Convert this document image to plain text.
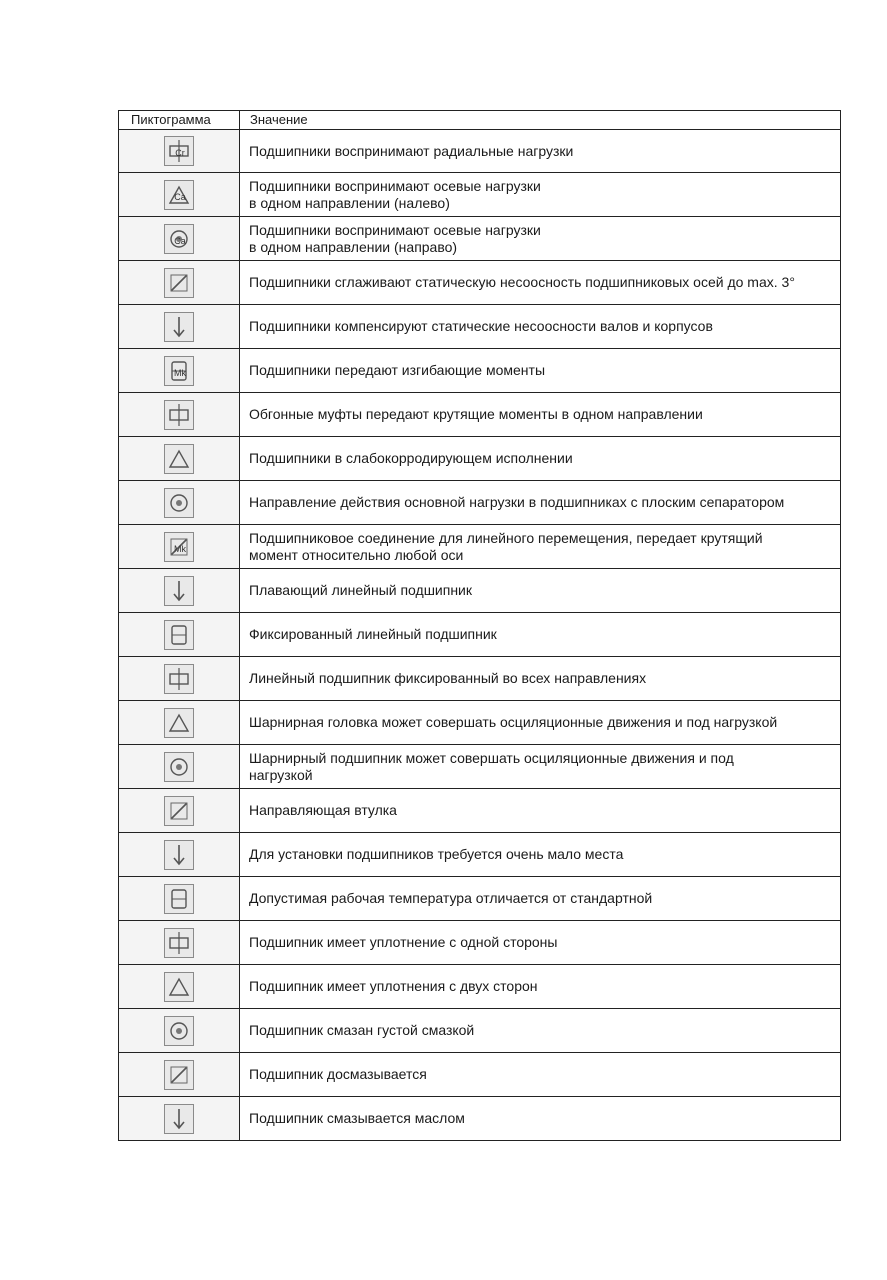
Пиктограмма	Значение

Cr	Подшипники воспринимают радиальные нагрузки

Ca	Подшипники воспринимают осевые нагрузки
в одном направлении (налево)

Ca	Подшипники воспринимают осевые нагрузки
в одном направлении (направо)

	Подшипники сглаживают статическую несоосность подшипниковых осей до max. 3°

	Подшипники компенсируют статические несоосности валов и корпусов

Mk	Подшипники передают изгибающие моменты

	Обгонные муфты передают крутящие моменты в одном направлении

	Подшипники в слабокорродирующем исполнении

	Направление действия основной нагрузки в подшипниках с плоским сепаратором

Mk	Подшипниковое соединение для линейного перемещения, передает крутящий
момент относительно любой оси

	Плавающий линейный подшипник

	Фиксированный линейный подшипник

	Линейный подшипник фиксированный во всех направлениях

	Шарнирная головка может совершать осциляционные движения и под нагрузкой

	Шарнирный подшипник может совершать осциляционные движения и под
нагрузкой

	Направляющая втулка

	Для установки подшипников требуется очень мало места

	Допустимая рабочая температура отличается от стандартной

	Подшипник имеет уплотнение с одной стороны

	Подшипник имеет уплотнения с двух сторон

	Подшипник смазан густой смазкой

	Подшипник досмазывается

	Подшипник смазывается маслом
